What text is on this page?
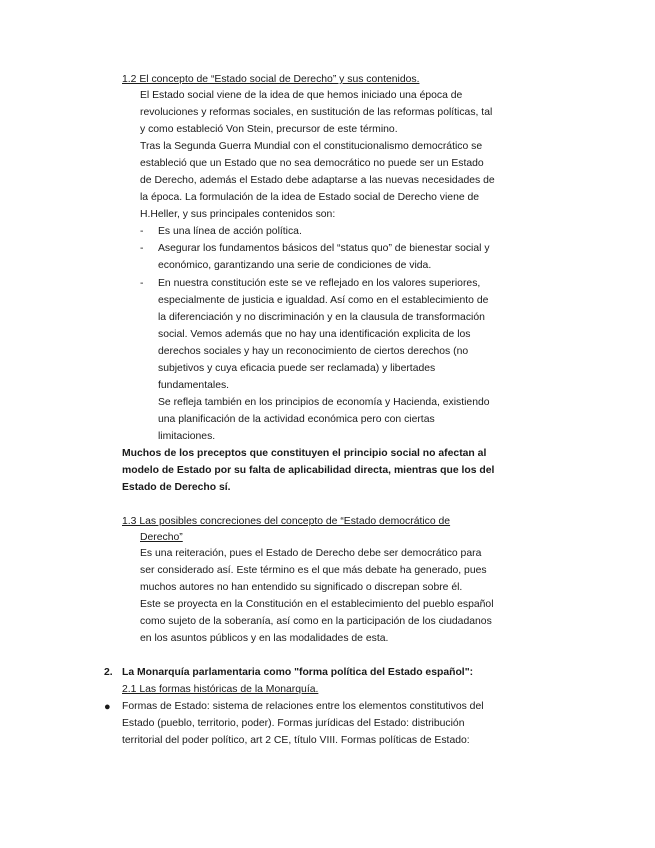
1.2 El concepto de “Estado social de Derecho” y sus contenidos.
El Estado social viene de la idea de que hemos iniciado una época de
revoluciones y reformas sociales, en sustitución de las reformas políticas, tal
y como estableció Von Stein, precursor de este término.
Tras la Segunda Guerra Mundial con el constitucionalismo democrático se
estableció que un Estado que no sea democrático no puede ser un Estado
de Derecho, además el Estado debe adaptarse a las nuevas necesidades de
la época. La formulación de la idea de Estado social de Derecho viene de
H.Heller, y sus principales contenidos son:
- Es una línea de acción política.
- Asegurar los fundamentos básicos del “status quo” de bienestar social y
económico, garantizando una serie de condiciones de vida.
- En nuestra constitución este se ve reflejado en los valores superiores,
especialmente de justicia e igualdad. Así como en el establecimiento de
la diferenciación y no discriminación y en la clausula de transformación
social. Vemos además que no hay una identificación explicita de los
derechos sociales y hay un reconocimiento de ciertos derechos (no
subjetivos y cuya eficacia puede ser reclamada) y libertades
fundamentales.
Se refleja también en los principios de economía y Hacienda, existiendo
una planificación de la actividad económica pero con ciertas
limitaciones.
Muchos de los preceptos que constituyen el principio social no afectan al
modelo de Estado por su falta de aplicabilidad directa, mientras que los del
Estado de Derecho sí.
1.3 Las posibles concreciones del concepto de “Estado democrático de
Derecho”
Es una reiteración, pues el Estado de Derecho debe ser democrático para
ser considerado así. Este término es el que más debate ha generado, pues
muchos autores no han entendido su significado o discrepan sobre él.
Este se proyecta en la Constitución en el establecimiento del pueblo español
como sujeto de la soberanía, así como en la participación de los ciudadanos
en los asuntos públicos y en las modalidades de esta.
2. La Monarquía parlamentaria como "forma política del Estado español":
2.1 Las formas históricas de la Monarquía.
● Formas de Estado: sistema de relaciones entre los elementos constitutivos del
Estado (pueblo, territorio, poder). Formas jurídicas del Estado: distribución
territorial del poder político, art 2 CE, título VIII. Formas políticas de Estado:
